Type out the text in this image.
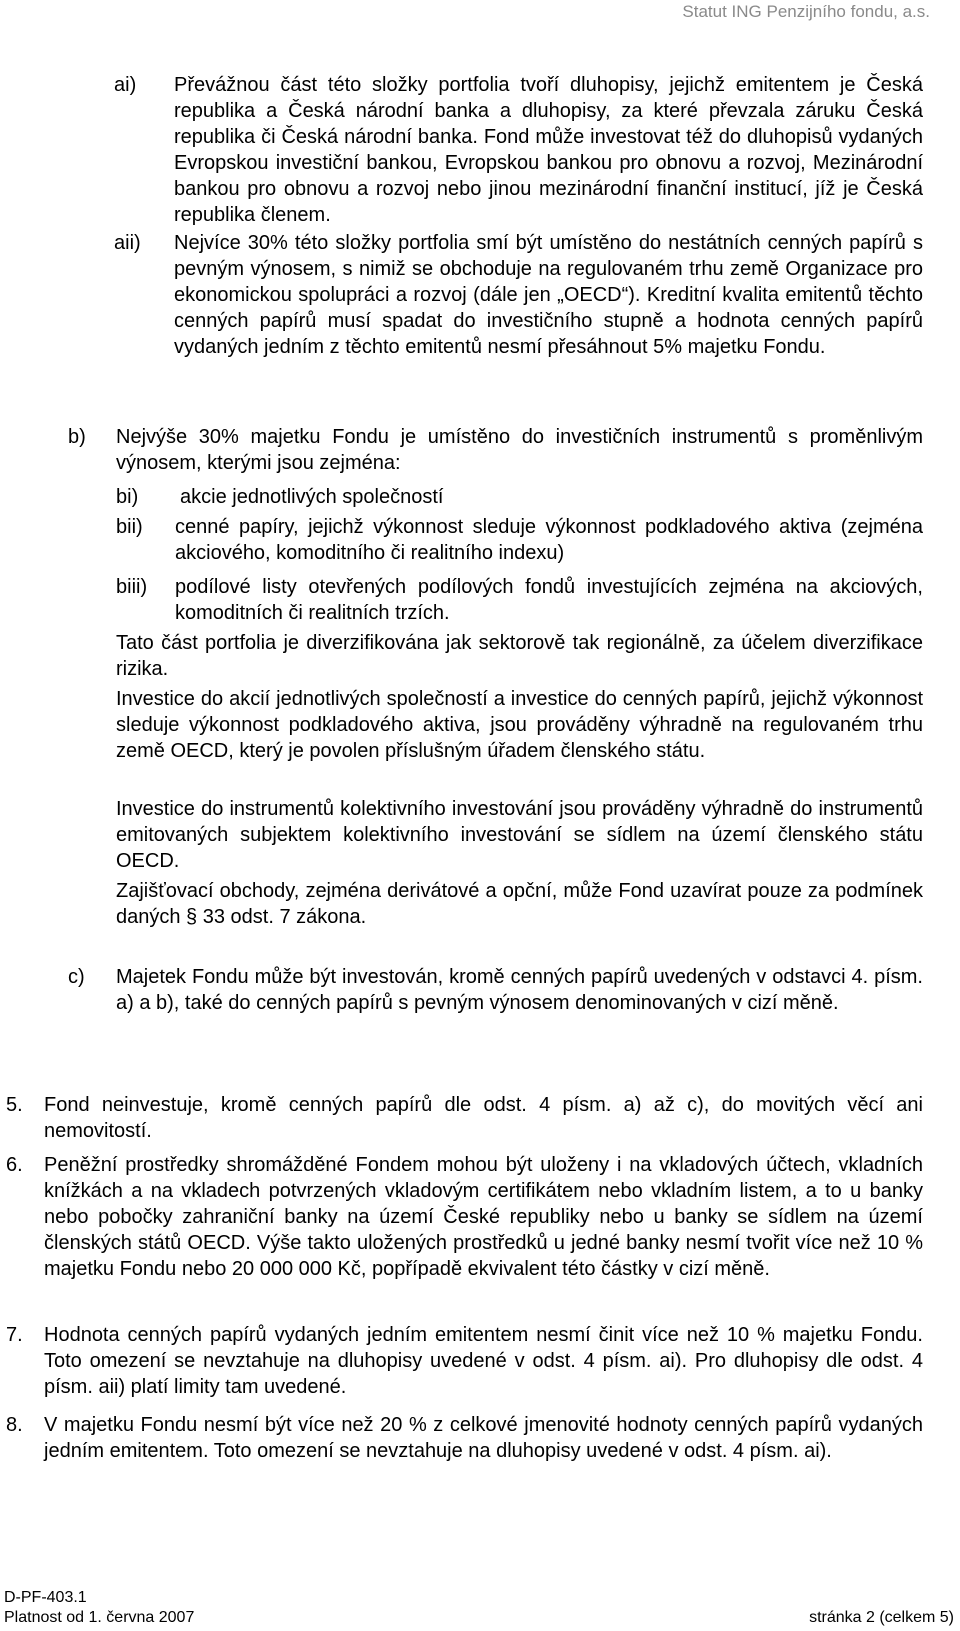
Statut ING Penzijního fondu, a.s.
ai) Převážnou část této složky portfolia tvoří dluhopisy, jejichž emitentem je Česká republika a Česká národní banka a dluhopisy, za které převzala záruku Česká republika či Česká národní banka. Fond může investovat též do dluhopisů vydaných Evropskou investiční bankou, Evropskou bankou pro obnovu a rozvoj, Mezinárodní bankou pro obnovu a rozvoj nebo jinou mezinárodní finanční institucí, jíž je Česká republika členem.
aii) Nejvíce 30% této složky portfolia smí být umístěno do nestátních cenných papírů s pevným výnosem, s nimiž se obchoduje na regulovaném trhu země Organizace pro ekonomickou spolupráci a rozvoj (dále jen „OECD“). Kreditní kvalita emitentů těchto cenných papírů musí spadat do investičního stupně a hodnota cenných papírů vydaných jedním z těchto emitentů nesmí přesáhnout 5% majetku Fondu.
b) Nejvýše 30% majetku Fondu je umístěno do investičních instrumentů s proměnlivým výnosem, kterými jsou zejména:
bi) akcie jednotlivých společností
bii) cenné papíry, jejichž výkonnost sleduje výkonnost podkladového aktiva (zejména akciového, komoditního či realitního indexu)
biii) podílové listy otevřených podílových fondů investujících zejména na akciových, komoditních či realitních trzích.
Tato část portfolia je diverzifikována jak sektorově tak regionálně, za účelem diverzifikace rizika.
Investice do akcií jednotlivých společností a investice do cenných papírů, jejichž výkonnost sleduje výkonnost podkladového aktiva, jsou prováděny výhradně na regulovaném trhu země OECD, který je povolen příslušným úřadem členského státu.
Investice do instrumentů kolektivního investování jsou prováděny výhradně do instrumentů emitovaných subjektem kolektivního investování se sídlem na území členského státu OECD.
Zajišťovací obchody, zejména derivátové a opční, může Fond uzavírat pouze za podmínek daných § 33 odst. 7 zákona.
c) Majetek Fondu může být investován, kromě cenných papírů uvedených v odstavci 4. písm. a) a b), také do cenných papírů s pevným výnosem denominovaných v cizí měně.
5. Fond neinvestuje, kromě cenných papírů dle odst. 4 písm. a) až c), do movitých věcí ani nemovitostí.
6. Peněžní prostředky shromážděné Fondem mohou být uloženy i na vkladových účtech, vkladních knížkách a na vkladech potvrzených vkladovým certifikátem nebo vkladním listem, a to u banky nebo pobočky zahraniční banky na území České republiky nebo u banky se sídlem na území členských států OECD. Výše takto uložených prostředků u jedné banky nesmí tvořit více než 10 % majetku Fondu nebo 20 000 000 Kč, popřípadě ekvivalent této částky v cizí měně.
7. Hodnota cenných papírů vydaných jedním emitentem nesmí činit více než 10 % majetku Fondu. Toto omezení se nevztahuje na dluhopisy uvedené v odst. 4 písm. ai). Pro dluhopisy dle odst. 4 písm. aii) platí limity tam uvedené.
8. V majetku Fondu nesmí být více než 20 % z celkové jmenovité hodnoty cenných papírů vydaných jedním emitentem. Toto omezení se nevztahuje na dluhopisy uvedené v odst. 4 písm. ai).
D-PF-403.1
Platnost od 1. června 2007	stránka 2 (celkem 5)
